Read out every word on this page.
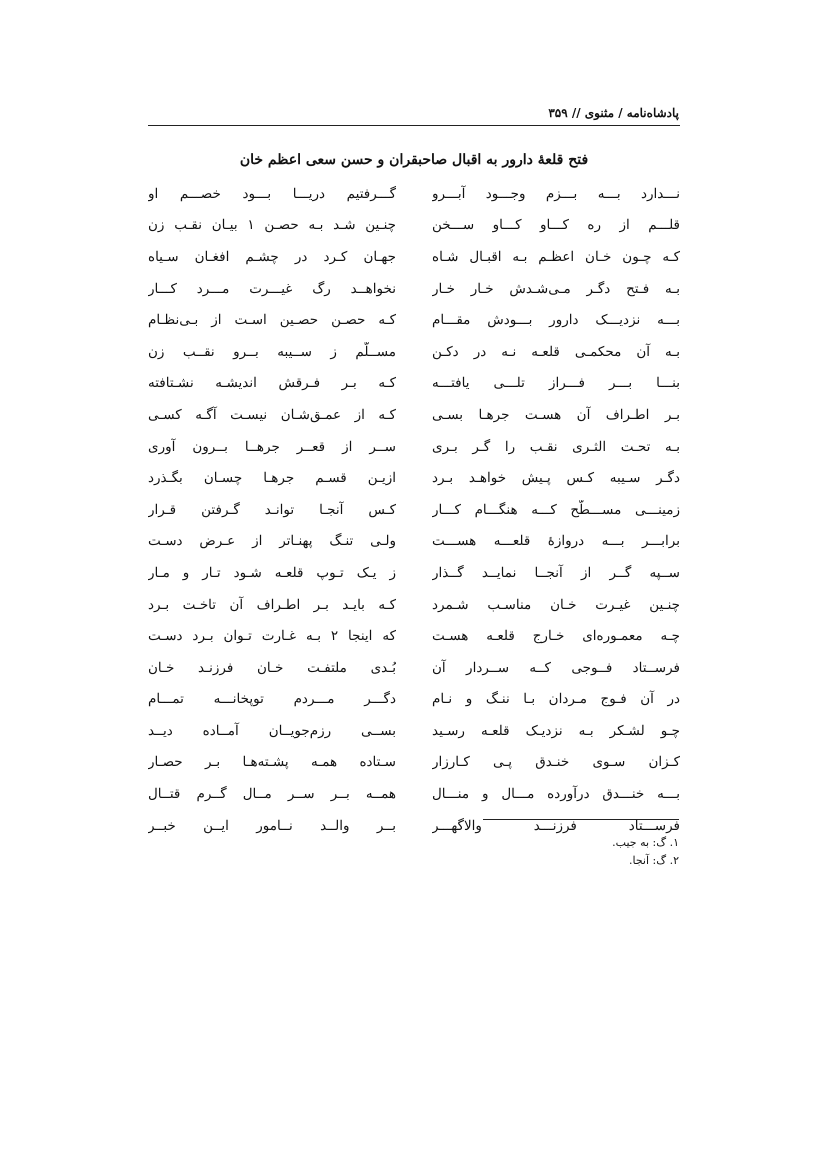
پادشاه‌نامه / مثنوی // ۳۵۹
فتح قلعهٔ دارور به اقبال صاحبقران و حسن سعی اعظم خان
نـــدارد بـــه بـــزم وجـــود آبـــرو
گـــرفتیم دریـــا بـــود خصـــم او
قلـــم از ره کـــاو کـــاو ســـخن
چنـین شـد بـه حصـن ۱ بیـان نقـب زن
کـه چـون خـان اعظـم بـه اقبـال شـاه
جهـان کـرد در چشـم افغـان سـیاه
بـه فـتح دگـر مـی‌شـدش خـار خـار
نخواهــد رگ غیـــرت مـــرد کـــار
بـــه نزدیـــک دارور بـــودش مقـــام
کـه حصـن حصـین اسـت از بـی‌نظـام
بـه آن محکمـی قلعـه نـه در دکـن
مســلّم ز ســیبه بــرو نقــب زن
بنـــا بـــر فـــراز تلـــی یافتـــه
کـه بـر فـرقش اندیشـه نشـتافته
بـر اطـراف آن هسـت جرهـا بسـی
کـه از عمـق‌شـان نیسـت آگـه کسـی
بـه تحـت الثـری نقـب را گـر بـری
ســر از قعــر جرهــا بــرون آوری
دگـر سـیبه کـس پـیش خواهـد بـرد
ازیـن قسـم جرهـا چسـان بگـذرد
زمینـــی مســـطّح کـــه هنگـــام کـــار
کـس آنجـا توانـد گـرفتن قـرار
برابـــر بـــه دروازهٔ قلعـــه هســـت
ولـی تنـگ پهنـاتر از عـرض دسـت
ســپه گــر از آنجــا نمایــد گــذار
ز یـک تـوپ قلعـه شـود تـار و مـار
چنـین غیـرت خـان مناسـب شـمرد
کـه بایـد بـر اطـراف آن تاخـت بـرد
چـه معمـوره‌ای خـارج قلعـه هسـت
که اینجا ۲ بـه غـارت تـوان بـرد دسـت
فرســتاد فــوجی کــه ســردار آن
بُـدی ملتفـت خـان فرزنـد خـان
در آن فـوج مـردان بـا ننـگ و نـام
دگـــر مـــردم توپخانـــه تمـــام
چـو لشـکر بـه نزدیـک قلعـه رسـید
بســی رزم‌جویــان آمــاده دیــد
کـزان سـوی خنـدق پـی کـارزار
سـتاده همـه پشـته‌هـا بـر حصـار
بـــه خنـــدق درآورده مـــال و منـــال
همــه بــر ســر مــال گــرم قتــال
فرســـتاد فرزنـــد والاگهـــر
بــر والــد نــامور ایــن خبــر
۱. گ: به جیب.
۲. گ: آنجا.
